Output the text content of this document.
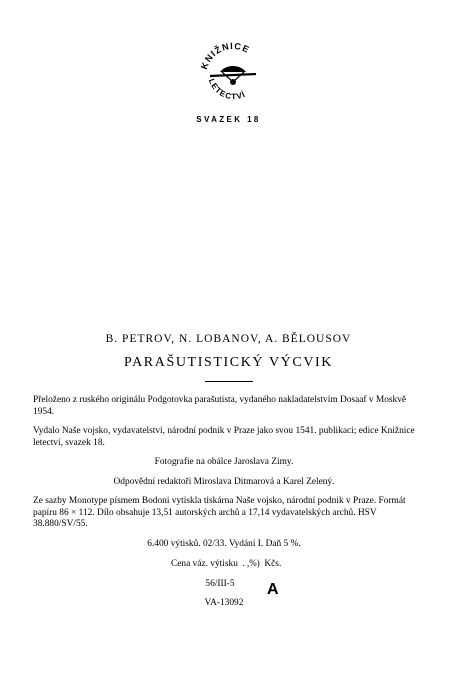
KNIŽNICE
LETECTVÍ
SVAZEK 18
B. PETROV, N. LOBANOV, A. BĚLOUSOV
PARAŠUTISTICKÝ VÝCVIK

Přeloženo z ruského originálu Podgotovka parašutista, vydaného nakladatelstvím Dosaaf v Moskvě 1954.

Vydalo Naše vojsko, vydavatelství, národní podnik v Praze jako svou 1541. publikaci; edice Knižnice letectví, svazek 18.

Fotografie na obálce Jaroslava Zimy.

Odpovědní redaktoři Miroslava Ditmarová a Karel Zelený.

Ze sazby Monotype písmem Bodoni vytiskla tiskárna Naše vojsko, národní podnik v Praze. Formát papíru 86 × 112. Dílo obsahuje 13,51 autorských archů a 17,14 vydavatelských archů. HSV 38.880/SV/55.

6.400 výtisků. 02/33. Vydání I. Daň 5 %.

Cena váz. výtisku  . ,%)  Kčs.

56/III-5

VA-13092

A
